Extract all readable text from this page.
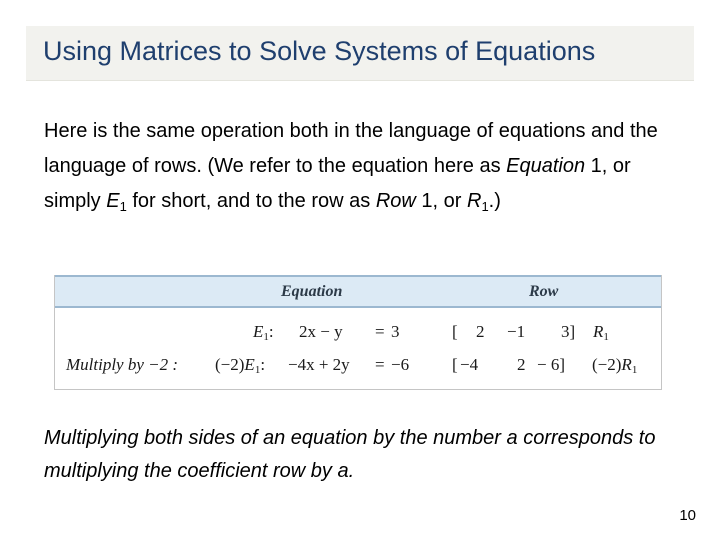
Using Matrices to Solve Systems of Equations

Here is the same operation both in the language of equations and the language of rows. (We refer to the equation here as Equation 1, or simply $E_1$ for short, and to the row as Row 1, or $R_1$.)

Equation	Row
$E_1$: 2x − y = 3	[ 2 −1 3] $R_1$
Multiply by −2 : $(-2)E_1$: −4x + 2y = −6	[ −4 2 − 6] $(-2)R_1$

Multiplying both sides of an equation by the number a corresponds to multiplying the coefficient row by a.

10
